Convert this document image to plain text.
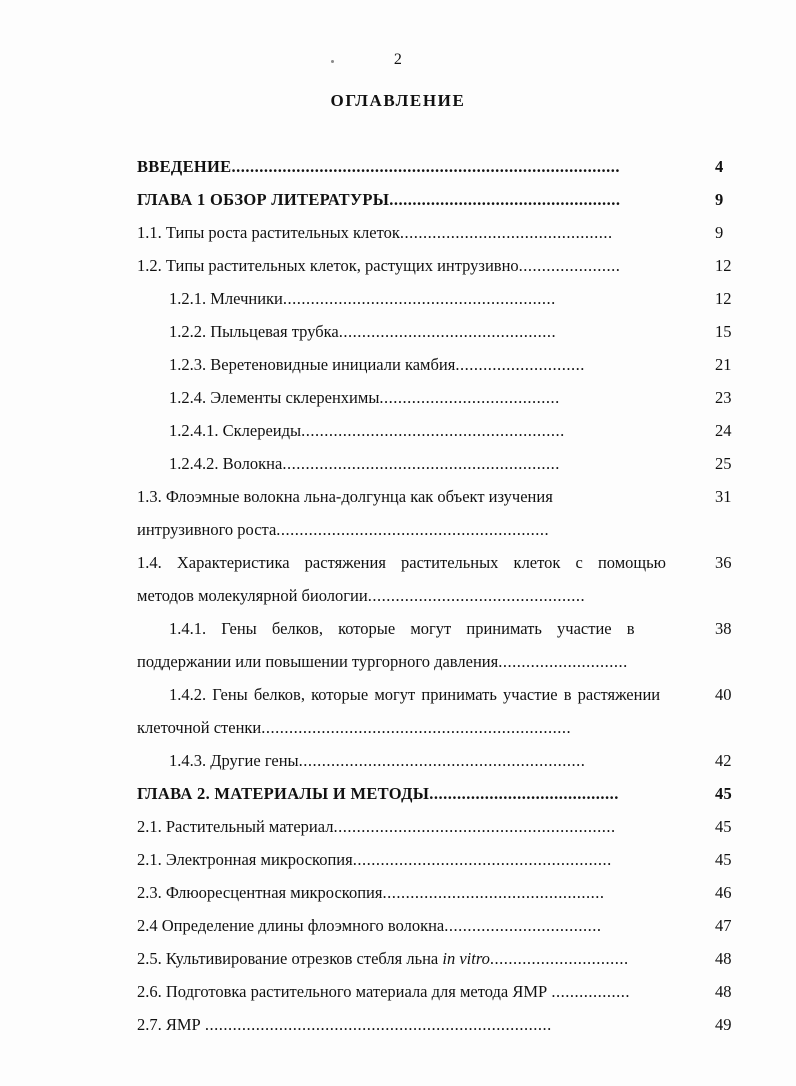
2
ОГЛАВЛЕНИЕ
ВВЕДЕНИЕ....................................................................................	4
ГЛАВА 1 ОБЗОР ЛИТЕРАТУРЫ..................................................	9
1.1. Типы роста растительных клеток..............................................	9
1.2. Типы растительных клеток, растущих интрузивно......................	12
1.2.1. Млечники...........................................................	12
1.2.2. Пыльцевая трубка...............................................	15
1.2.3. Веретеновидные инициали камбия............................	21
1.2.4. Элементы склеренхимы.......................................	23
1.2.4.1. Склереиды.........................................................	24
1.2.4.2. Волокна............................................................	25
1.3. Флоэмные волокна льна-долгунца как объект изучения	31
интрузивного роста...........................................................
1.4. Характеристика растяжения растительных клеток с помощью	36
методов молекулярной биологии...............................................
1.4.1. Гены белков, которые могут принимать участие в	38
поддержании или повышении тургорного давления............................
1.4.2. Гены белков, которые могут принимать участие в растяжении	40
клеточной стенки...................................................................
1.4.3. Другие гены..............................................................	42
ГЛАВА 2. МАТЕРИАЛЫ И МЕТОДЫ.........................................	45
2.1. Растительный материал.............................................................	45
2.1. Электронная микроскопия........................................................	45
2.3. Флюоресцентная микроскопия................................................	46
2.4 Определение длины флоэмного волокна..................................	47
2.5. Культивирование отрезков стебля льна in vitro..............................	48
2.6. Подготовка растительного материала для метода ЯМР .................	48
2.7. ЯМР ...........................................................................	49
